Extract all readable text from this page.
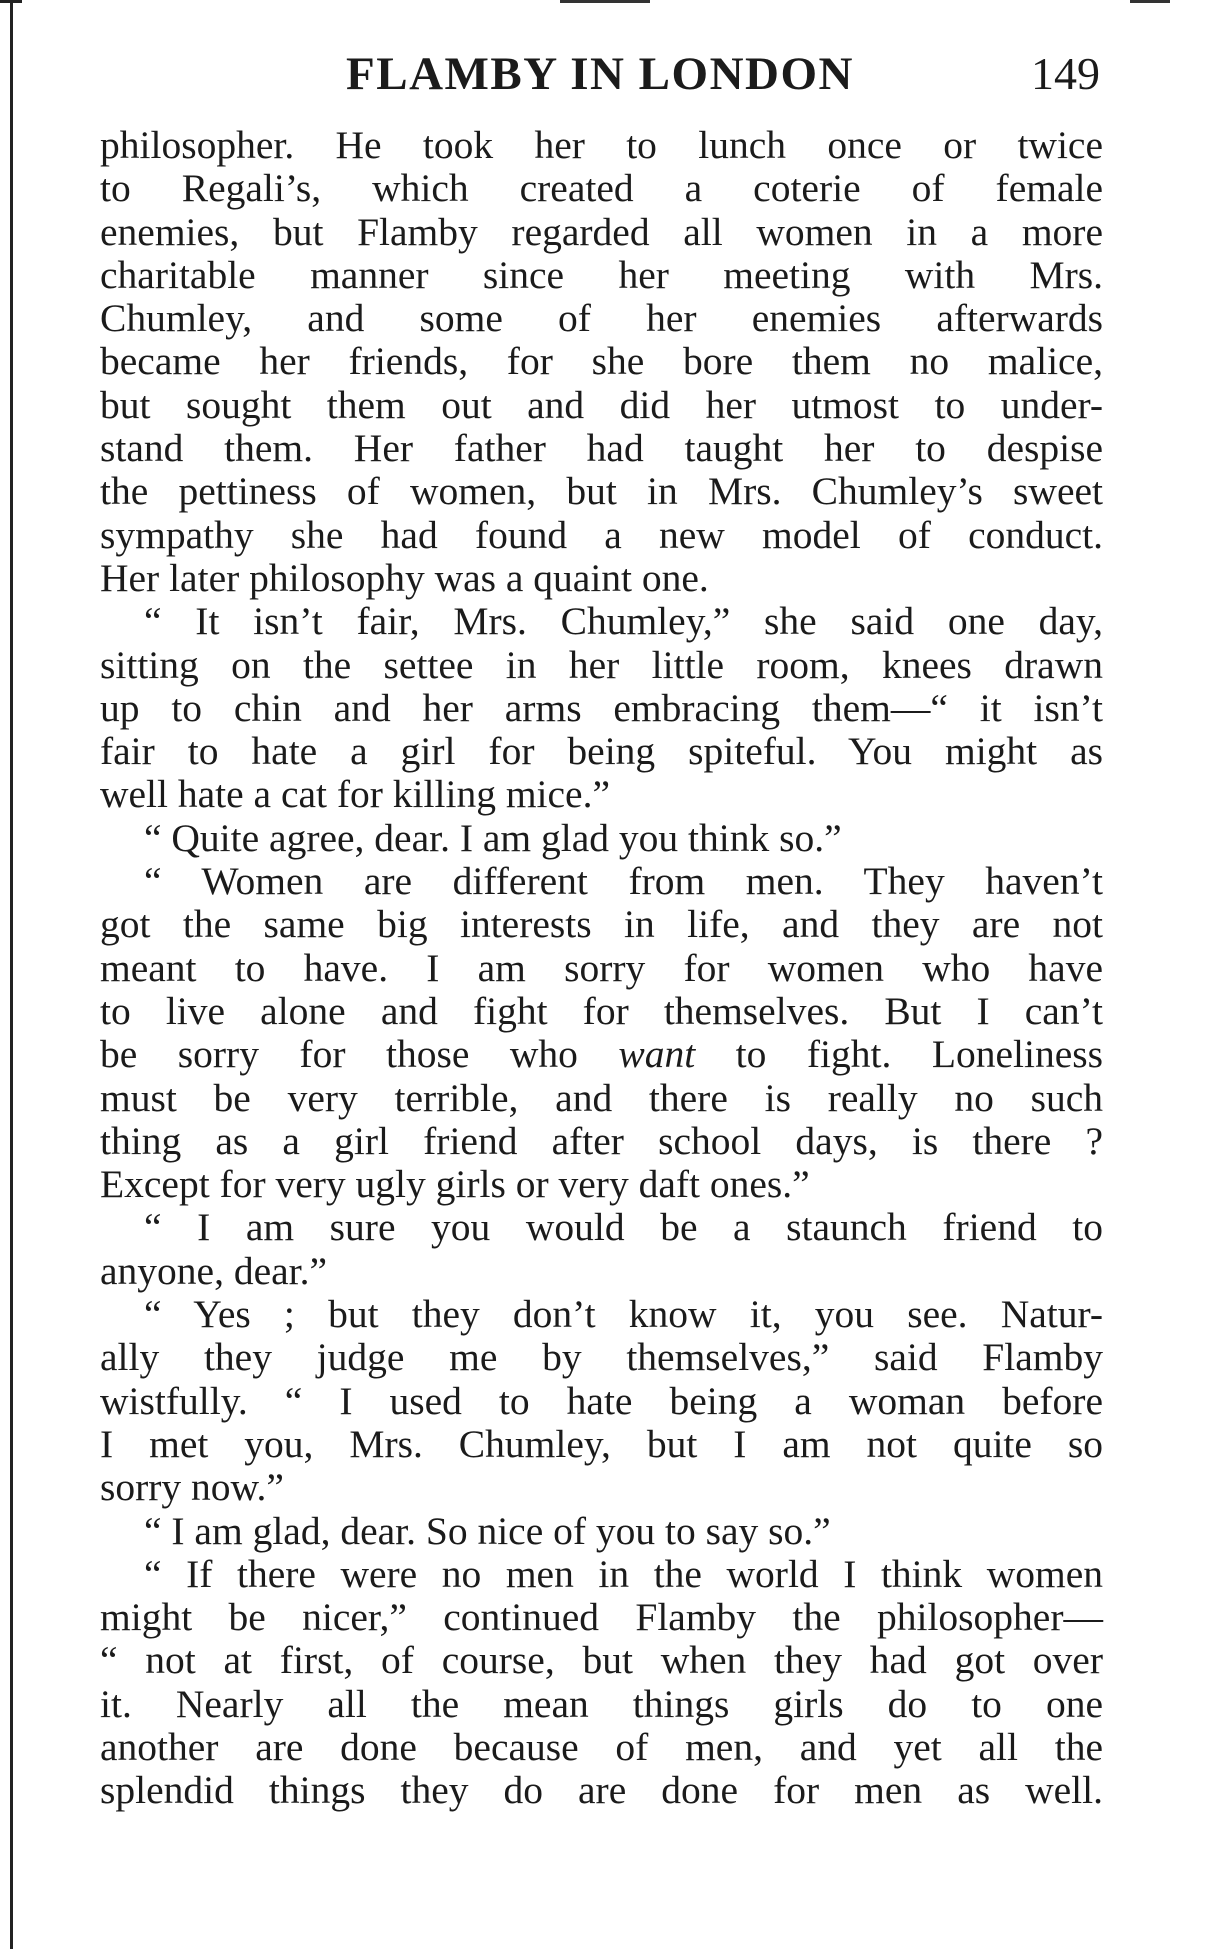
FLAMBY IN LONDON	149
philosopher. He took her to lunch once or twice
to Regali’s, which created a coterie of female
enemies, but Flamby regarded all women in a more
charitable manner since her meeting with Mrs.
Chumley, and some of her enemies afterwards
became her friends, for she bore them no malice,
but sought them out and did her utmost to under-
stand them. Her father had taught her to despise
the pettiness of women, but in Mrs. Chumley’s sweet
sympathy she had found a new model of conduct.
Her later philosophy was a quaint one.
“ It isn’t fair, Mrs. Chumley,” she said one day,
sitting on the settee in her little room, knees drawn
up to chin and her arms embracing them—“ it isn’t
fair to hate a girl for being spiteful. You might as
well hate a cat for killing mice.”
“ Quite agree, dear. I am glad you think so.”
“ Women are different from men. They haven’t
got the same big interests in life, and they are not
meant to have. I am sorry for women who have
to live alone and fight for themselves. But I can’t
be sorry for those who want to fight. Loneliness
must be very terrible, and there is really no such
thing as a girl friend after school days, is there ?
Except for very ugly girls or very daft ones.”
“ I am sure you would be a staunch friend to
anyone, dear.”
“ Yes ; but they don’t know it, you see. Natur-
ally they judge me by themselves,” said Flamby
wistfully. “ I used to hate being a woman before
I met you, Mrs. Chumley, but I am not quite so
sorry now.”
“ I am glad, dear. So nice of you to say so.”
“ If there were no men in the world I think women
might be nicer,” continued Flamby the philosopher—
“ not at first, of course, but when they had got over
it. Nearly all the mean things girls do to one
another are done because of men, and yet all the
splendid things they do are done for men as well.
